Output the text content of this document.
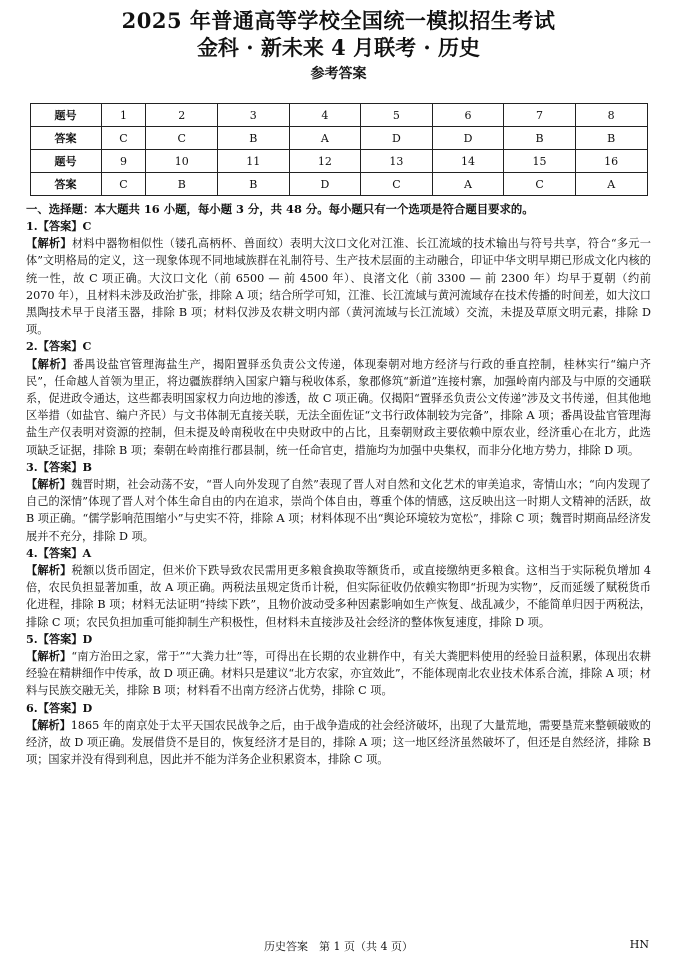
2025 年普通高等学校全国统一模拟招生考试
金科 · 新未来 4 月联考 · 历史
参考答案
题号	1	2	3	4	5	6	7	8
答案	C	C	B	A	D	D	B	B
题号	9	10	11	12	13	14	15	16
答案	C	B	B	D	C	A	C	A
一、选择题：本大题共 16 小题，每小题 3 分，共 48 分。每小题只有一个选项是符合题目要求的。
1.【答案】C
【解析】材料中器物相似性（镂孔高柄杯、兽面纹）表明大汶口文化对江淮、长江流域的技术输出与符号共享，符合“多元一体”文明格局的定义，这一现象体现不同地域族群在礼制符号、生产技术层面的主动融合，印证中华文明早期已形成文化内核的统一性，故 C 项正确。大汶口文化（前 6500 — 前 4500 年）、良渚文化（前 3300 — 前 2300 年）均早于夏朝（约前 2070 年），且材料未涉及政治扩张，排除 A 项；结合所学可知，江淮、长江流域与黄河流域存在技术传播的时间差，如大汶口黑陶技术早于良渚玉器，排除 B 项；材料仅涉及农耕文明内部（黄河流域与长江流域）交流，未提及草原文明元素，排除 D 项。
2.【答案】C
【解析】番禺设盐官管理海盐生产，揭阳置驿丞负责公文传递，体现秦朝对地方经济与行政的垂直控制，桂林实行“编户齐民”，任命越人首领为里正，将边疆族群纳入国家户籍与税收体系，象郡修筑“新道”连接村寨，加强岭南内部及与中原的交通联系，促进政令通达，这些都表明国家权力向边地的渗透，故 C 项正确。仅揭阳“置驿丞负责公文传递”涉及文书传递，但其他地区举措（如盐官、编户齐民）与文书体制无直接关联，无法全面佐证“文书行政体制较为完备”，排除 A 项；番禺设盐官管理海盐生产仅表明对资源的控制，但未提及岭南税收在中央财政中的占比，且秦朝财政主要依赖中原农业，经济重心在北方，此选项缺乏证据，排除 B 项；秦朝在岭南推行郡县制，统一任命官吏，措施均为加强中央集权，而非分化地方势力，排除 D 项。
3.【答案】B
【解析】魏晋时期，社会动荡不安，“晋人向外发现了自然”表现了晋人对自然和文化艺术的审美追求，寄情山水；“向内发现了自己的深情”体现了晋人对个体生命自由的内在追求，崇尚个体自由，尊重个体的情感，这反映出这一时期人文精神的活跃，故 B 项正确。“儒学影响范围缩小”与史实不符，排除 A 项；材料体现不出“舆论环境较为宽松”，排除 C 项；魏晋时期商品经济发展并不充分，排除 D 项。
4.【答案】A
【解析】税额以货币固定，但米价下跌导致农民需用更多粮食换取等额货币，或直接缴纳更多粮食。这相当于实际税负增加 4 倍，农民负担显著加重，故 A 项正确。两税法虽规定货币计税，但实际征收仍依赖实物即“折现为实物”，反而延缓了赋税货币化进程，排除 B 项；材料无法证明“持续下跌”，且物价波动受多种因素影响如生产恢复、战乱减少，不能简单归因于两税法，排除 C 项；农民负担加重可能抑制生产积极性，但材料未直接涉及社会经济的整体恢复速度，排除 D 项。
5.【答案】D
【解析】“南方治田之家，常于”“大粪力壮”等，可得出在长期的农业耕作中，有关大粪肥料使用的经验日益积累，体现出农耕经验在精耕细作中传承，故 D 项正确。材料只是建议“北方农家，亦宜效此”，不能体现南北农业技术体系合流，排除 A 项；材料与民族交融无关，排除 B 项；材料看不出南方经济占优势，排除 C 项。
6.【答案】D
【解析】1865 年的南京处于太平天国农民战争之后，由于战争造成的社会经济破坏，出现了大量荒地，需要垦荒来整顿破败的经济，故 D 项正确。发展借贷不是目的，恢复经济才是目的，排除 A 项；这一地区经济虽然破坏了，但还是自然经济，排除 B 项；国家并没有得到利息，因此并不能为洋务企业积累资本，排除 C 项。
历史答案　第 1 页（共 4 页）	HN
